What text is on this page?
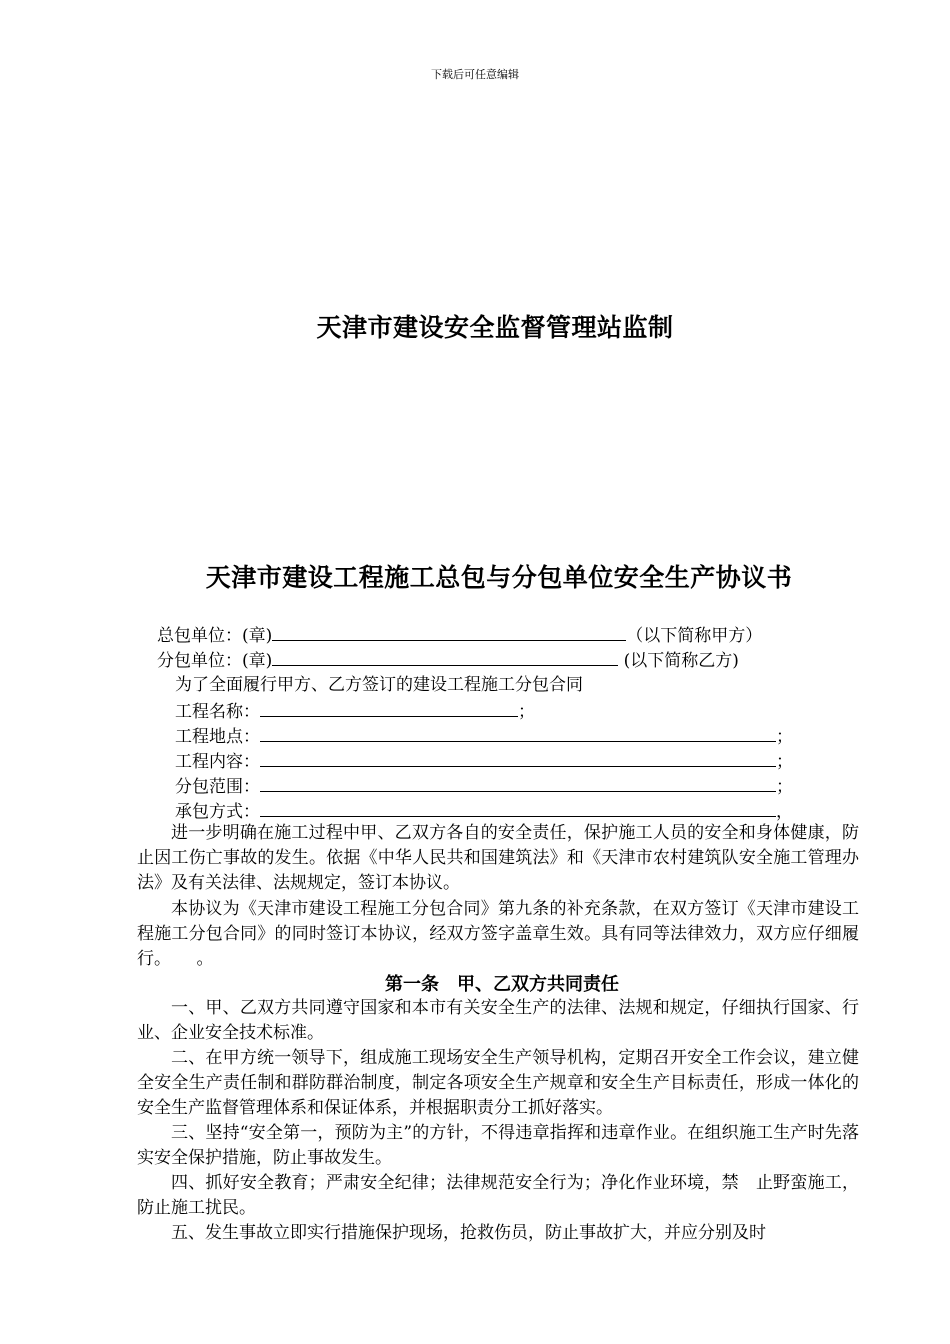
下载后可任意编辑
天津市建设安全监督管理站监制
天津市建设工程施工总包与分包单位安全生产协议书
总包单位：(章)	（以下简称甲方）
分包单位：(章)	(以下简称乙方)
为了全面履行甲方、乙方签订的建设工程施工分包合同
工程名称：	；
工程地点：	；
工程内容：	；
分包范围：	；
承包方式：	，
进一步明确在施工过程中甲、乙双方各自的安全责任，保护施工人员的安全和身体健康，防止因工伤亡事故的发生。依据《中华人民共和国建筑法》和《天津市农村建筑队安全施工管理办法》及有关法律、法规规定，签订本协议。
本协议为《天津市建设工程施工分包合同》第九条的补充条款，在双方签订《天津市建设工程施工分包合同》的同时签订本协议，经双方签字盖章生效。具有同等法律效力，双方应仔细履行。　　。
第一条　甲、乙双方共同责任
一、甲、乙双方共同遵守国家和本市有关安全生产的法律、法规和规定，仔细执行国家、行业、企业安全技术标准。
二、在甲方统一领导下，组成施工现场安全生产领导机构，定期召开安全工作会议，建立健全安全生产责任制和群防群治制度，制定各项安全生产规章和安全生产目标责任，形成一体化的安全生产监督管理体系和保证体系，并根据职责分工抓好落实。
三、坚持“安全第一，预防为主”的方针，不得违章指挥和违章作业。在组织施工生产时先落实安全保护措施，防止事故发生。
四、抓好安全教育；严肃安全纪律；法律规范安全行为；净化作业环境，禁　止野蛮施工，防止施工扰民。
五、发生事故立即实行措施保护现场，抢救伤员，防止事故扩大，并应分别及时
